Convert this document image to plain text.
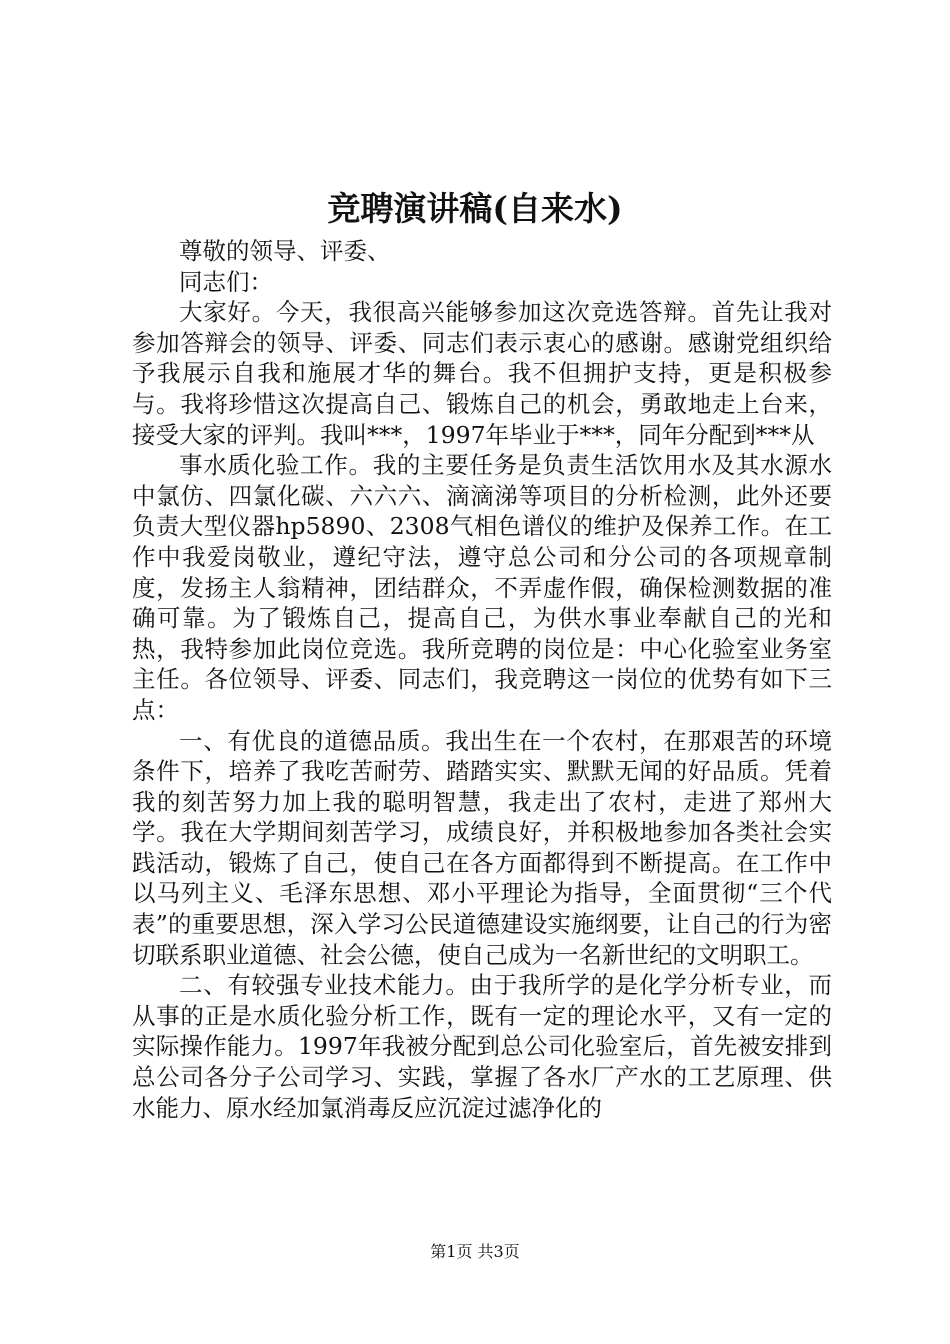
竞聘演讲稿(自来水)

尊敬的领导、评委、

同志们：

大家好。今天，我很高兴能够参加这次竞选答辩。首先让我对参加答辩会的领导、评委、同志们表示衷心的感谢。感谢党组织给予我展示自我和施展才华的舞台。我不但拥护支持，更是积极参与。我将珍惜这次提高自己、锻炼自己的机会，勇敢地走上台来，接受大家的评判。我叫***，1997年毕业于***，同年分配到***从

事水质化验工作。我的主要任务是负责生活饮用水及其水源水中氯仿、四氯化碳、六六六、滴滴涕等项目的分析检测，此外还要负责大型仪器hp5890、2308气相色谱仪的维护及保养工作。在工作中我爱岗敬业，遵纪守法，遵守总公司和分公司的各项规章制度，发扬主人翁精神，团结群众，不弄虚作假，确保检测数据的准确可靠。为了锻炼自己，提高自己，为供水事业奉献自己的光和热，我特参加此岗位竞选。我所竞聘的岗位是：中心化验室业务室主任。各位领导、评委、同志们，我竞聘这一岗位的优势有如下三点：

一、有优良的道德品质。我出生在一个农村，在那艰苦的环境条件下，培养了我吃苦耐劳、踏踏实实、默默无闻的好品质。凭着我的刻苦努力加上我的聪明智慧，我走出了农村，走进了郑州大学。我在大学期间刻苦学习，成绩良好，并积极地参加各类社会实践活动，锻炼了自己，使自己在各方面都得到不断提高。在工作中以马列主义、毛泽东思想、邓小平理论为指导，全面贯彻“三个代表”的重要思想，深入学习公民道德建设实施纲要，让自己的行为密切联系职业道德、社会公德，使自己成为一名新世纪的文明职工。

二、有较强专业技术能力。由于我所学的是化学分析专业，而从事的正是水质化验分析工作，既有一定的理论水平，又有一定的实际操作能力。1997年我被分配到总公司化验室后，首先被安排到总公司各分子公司学习、实践，掌握了各水厂产水的工艺原理、供水能力、原水经加氯消毒反应沉淀过滤净化的

第1页 共3页
